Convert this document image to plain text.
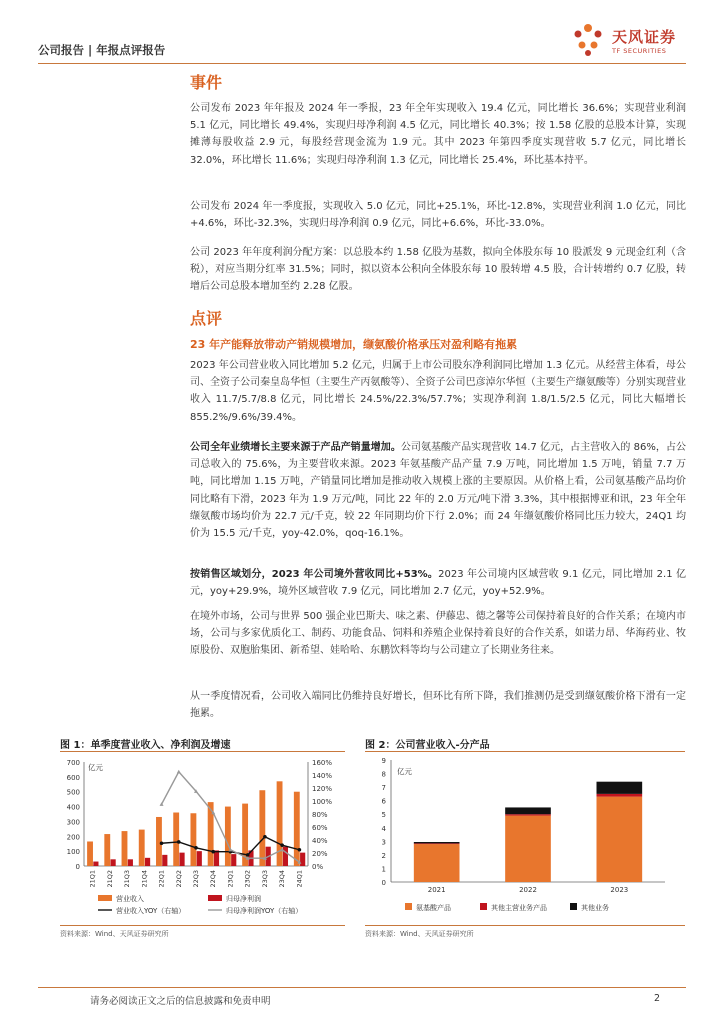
公司报告 | 年报点评报告
天风证券
TF SECURITIES
事件
公司发布 2023 年年报及 2024 年一季报，23 年全年实现收入 19.4 亿元，同比增长 36.6%；实现营业利润 5.1 亿元，同比增长 49.4%，实现归母净利润 4.5 亿元，同比增长 40.3%；按 1.58 亿股的总股本计算，实现摊薄每股收益 2.9 元，每股经营现金流为 1.9 元。其中 2023 年第四季度实现营收 5.7 亿元，同比增长 32.0%，环比增长 11.6%；实现归母净利润 1.3 亿元，同比增长 25.4%，环比基本持平。
公司发布 2024 年一季度报，实现收入 5.0 亿元，同比+25.1%，环比-12.8%，实现营业利润 1.0 亿元，同比+4.6%，环比-32.3%，实现归母净利润 0.9 亿元，同比+6.6%，环比-33.0%。
公司 2023 年年度利润分配方案：以总股本约 1.58 亿股为基数，拟向全体股东每 10 股派发 9 元现金红利（含税），对应当期分红率 31.5%；同时，拟以资本公积向全体股东每 10 股转增 4.5 股，合计转增约 0.7 亿股，转增后公司总股本增加至约 2.28 亿股。
点评
23 年产能释放带动产销规模增加，缬氨酸价格承压对盈利略有拖累
2023 年公司营业收入同比增加 5.2 亿元，归属于上市公司股东净利润同比增加 1.3 亿元。从经营主体看，母公司、全资子公司秦皇岛华恒（主要生产丙氨酸等）、全资子公司巴彦淖尔华恒（主要生产缬氨酸等）分别实现营业收入 11.7/5.7/8.8 亿元，同比增长 24.5%/22.3%/57.7%；实现净利润 1.8/1.5/2.5 亿元，同比大幅增长 855.2%/9.6%/39.4%。
公司全年业绩增长主要来源于产品产销量增加。公司氨基酸产品实现营收 14.7 亿元，占主营收入的 86%，占公司总收入的 75.6%，为主要营收来源。2023 年氨基酸产品产量 7.9 万吨，同比增加 1.5 万吨，销量 7.7 万吨，同比增加 1.15 万吨，产销量同比增加是推动收入规模上涨的主要原因。从价格上看，公司氨基酸产品均价同比略有下滑，2023 年为 1.9 万元/吨，同比 22 年的 2.0 万元/吨下滑 3.3%，其中根据博亚和讯，23 年全年缬氨酸市场均价为 22.7 元/千克，较 22 年同期均价下行 2.0%；而 24 年缬氨酸价格同比压力较大，24Q1 均价为 15.5 元/千克，yoy-42.0%，qoq-16.1%。
按销售区域划分，2023 年公司境外营收同比+53%。2023 年公司境内区域营收 9.1 亿元，同比增加 2.1 亿元，yoy+29.9%，境外区域营收 7.9 亿元，同比增加 2.7 亿元，yoy+52.9%。
在境外市场，公司与世界 500 强企业巴斯夫、味之素、伊藤忠、德之馨等公司保持着良好的合作关系；在境内市场，公司与多家优质化工、制药、功能食品、饲料和养殖企业保持着良好的合作关系，如诺力昂、华海药业、牧原股份、双胞胎集团、新希望、娃哈哈、东鹏饮料等均与公司建立了长期业务往来。
从一季度情况看，公司收入端同比仍维持良好增长，但环比有所下降，我们推测仍是受到缬氨酸价格下滑有一定拖累。
图 1：单季度营业收入、净利润及增速
0
100
200
300
400
500
600
700
0%
20%
40%
60%
80%
100%
120%
140%
160%
亿元
21Q1 21Q2 21Q3 21Q4 22Q1 22Q2 22Q3 22Q4 23Q1 23Q2 23Q3 23Q4 24Q1
营业收入	归母净利润
营业收入YOY（右轴）	归母净利润YOY（右轴）
资料来源：Wind、天风证券研究所
图 2：公司营业收入-分产品
0
1
2
3
4
5
6
7
8
9
亿元
2021	2022	2023
氨基酸产品	其他主营业务产品	其他业务
资料来源：Wind、天风证券研究所
请务必阅读正文之后的信息披露和免责申明	2
